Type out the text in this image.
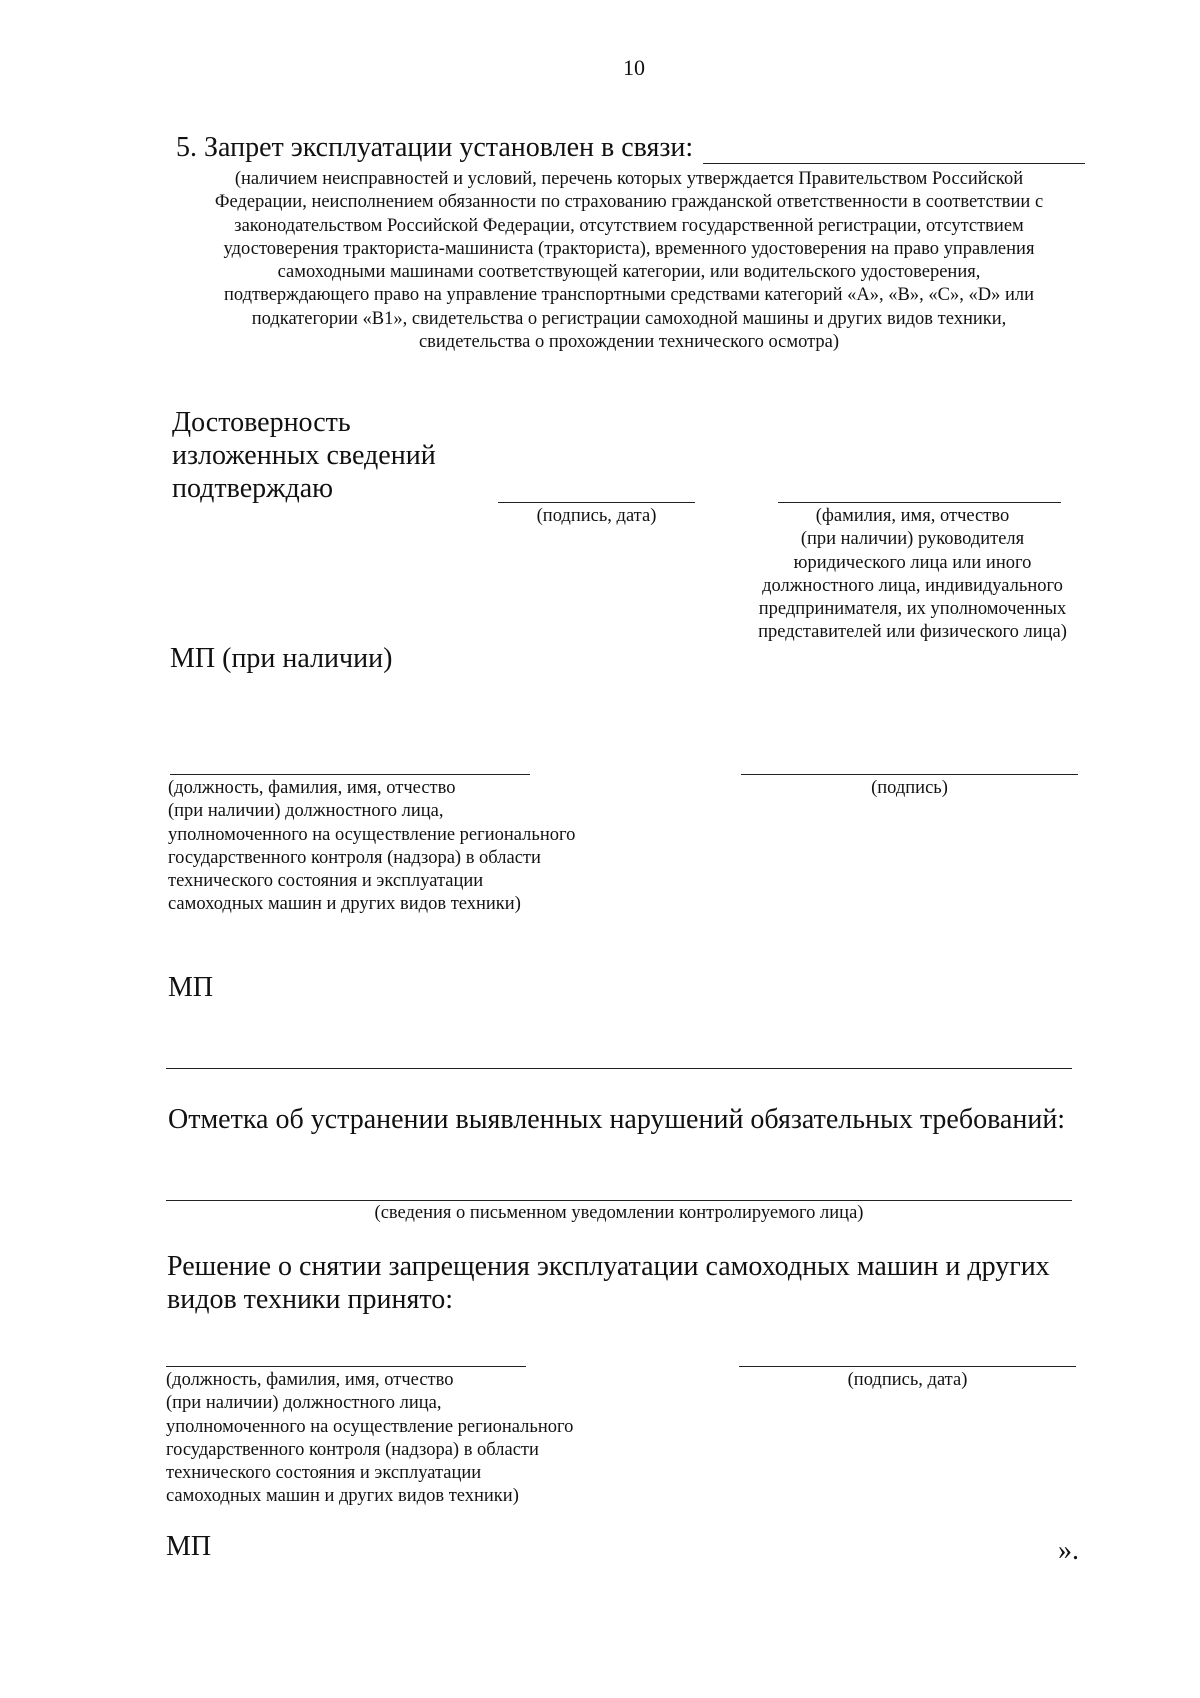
10
5. Запрет эксплуатации установлен в связи:
(наличием неисправностей и условий, перечень которых утверждается Правительством Российской
Федерации, неисполнением обязанности по страхованию гражданской ответственности в соответствии с
законодательством Российской Федерации, отсутствием государственной регистрации, отсутствием
удостоверения тракториста-машиниста (тракториста), временного удостоверения на право управления
самоходными машинами соответствующей категории, или водительского удостоверения,
подтверждающего право на управление транспортными средствами категорий «А», «В», «С», «D» или
подкатегории «В1», свидетельства о регистрации самоходной машины и других видов техники,
свидетельства о прохождении технического осмотра)
Достоверность
изложенных сведений
подтверждаю
(подпись, дата)	(фамилия, имя, отчество
(при наличии) руководителя
юридического лица или иного
должностного лица, индивидуального
предпринимателя, их уполномоченных
представителей или физического лица)
МП (при наличии)
(должность, фамилия, имя, отчество
(при наличии) должностного лица,
уполномоченного на осуществление регионального
государственного контроля (надзора) в области
технического состояния и эксплуатации
самоходных машин и других видов техники)
(подпись)
МП
Отметка об устранении выявленных нарушений обязательных требований:
(сведения о письменном уведомлении контролируемого лица)
Решение о снятии запрещения эксплуатации самоходных машин и других
видов техники принято:
(должность, фамилия, имя, отчество
(при наличии) должностного лица,
уполномоченного на осуществление регионального
государственного контроля (надзора) в области
технического состояния и эксплуатации
самоходных машин и других видов техники)
(подпись, дата)
МП	».
